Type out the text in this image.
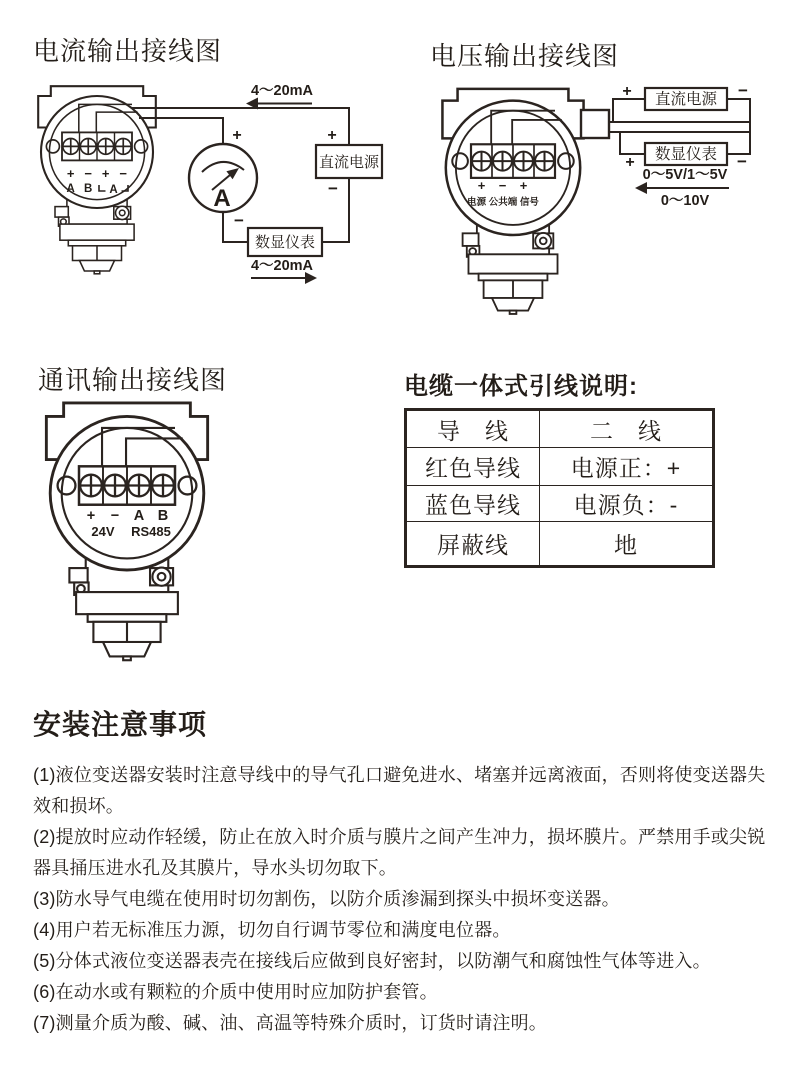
电流输出接线图
+ − + −
A B A	A
+
−
直流电源
+
−
数显仪表
4～20mA
4～20mA
电压输出接线图
+ − +
电源 公共端 信号
直流电源
+	−
数显仪表
+	−
0～5V/1～5V
0～10V
通讯输出接线图
+ − A B
24V RS485
电缆一体式引线说明:
导　线	二　线
红色导线	电源正：+
蓝色导线	电源负：-
屏蔽线	地
安装注意事项

(1)液位变送器安装时注意导线中的导气孔口避免进水、堵塞并远离液面，否则将使变送器失效和损坏。

(2)提放时应动作轻缓，防止在放入时介质与膜片之间产生冲力，损坏膜片。严禁用手或尖锐器具捅压进水孔及其膜片，导水头切勿取下。

(3)防水导气电缆在使用时切勿割伤，以防介质渗漏到探头中损坏变送器。

(4)用户若无标准压力源，切勿自行调节零位和满度电位器。

(5)分体式液位变送器表壳在接线后应做到良好密封，以防潮气和腐蚀性气体等进入。

(6)在动水或有颗粒的介质中使用时应加防护套管。

(7)测量介质为酸、碱、油、高温等特殊介质时，订货时请注明。
